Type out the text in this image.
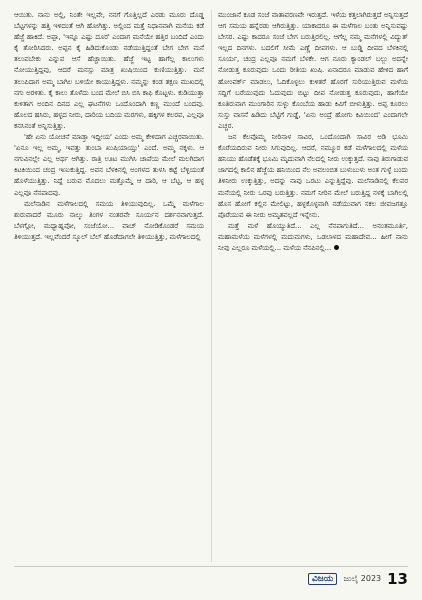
ಆಯಿತು. ನಾನು ಅಲ್ಲಿ, ನಿಂತೇ ಇಲ್ಲವೇ, ನನಗೆ ಗೊತ್ತಿಲ್ಲದೆ ಎರಡು ಮೂರು ದೊಡ್ಡ ಬೆಟ್ಟಗಳನ್ನು ಹತ್ತಿ ಇಳಿದಂತೆ ಆಗಿ ಹೋಗಿತ್ತು. ಅಲ್ಲಿಂದ ಮತ್ತೆ ನಿಧಾನವಾಗಿ ಮನೆಯ ಕಡೆ ಹೆಜ್ಜೆ ಹಾಕಿದೆ. ಅಪ್ಪಾ, 'ಇನ್ನೂ ಎಷ್ಟು ದೂರ' ಎಂದಾಗ ಮನೆಯೇ ಹತ್ತಿರ ಬಂದಿದೆ ಎಂದು ಕೈ ತೋರಿಸಿದರು. ಅಪ್ಪನ ಕೈ ಹಿಡಿದುಕೊಂಡು ನಡೆಯುತ್ತಿದ್ದಂತೆ ಬೇಗ ಬೇಗ ಮನೆ ತಲುಪಬೇಕು ಎನ್ನುವ ಆಸೆ ಹೆಚ್ಚಾಯಿತು. ಹೆಜ್ಜೆ ಇಟ್ಟ ಹಾಗೆಲ್ಲ ಕಾಲುಗಳು ನೋಯುತ್ತಿದ್ದವು, ಆದರೆ ಮನಸ್ಸು ಮಾತ್ರ ಖುಷಿಯಿಂದ ಕುಣಿಯುತ್ತಿತ್ತು. ಮನೆ ತಲುಪಿದಾಗ ಅಮ್ಮ ಬಾಗಿಲ ಬಳಿಯೇ ಕಾಯುತ್ತಿದ್ದಳು. ನಮ್ಮನ್ನು ಕಂಡ ತಕ್ಷಣ ಮುಖದಲ್ಲಿ ನಗು ಅರಳಿತು. ಕೈ ಕಾಲು ತೊಳೆದು ಬಂದ ಮೇಲೆ ಬಿಸಿ ಬಿಸಿ ಕಾಫಿ ಕೊಟ್ಟಳು. ಕುಡಿಯುತ್ತಾ ಕುಳಿತಾಗ ಅಂದಿನ ದಿನದ ಎಲ್ಲ ಘಟನೆಗಳು ಒಂದೊಂದಾಗಿ ಕಣ್ಣ ಮುಂದೆ ಬಂದವು. ಹೊಲದ ಹಸಿರು, ಹಳ್ಳದ ನೀರು, ದಾರಿಯ ಬದಿಯ ಮರಗಳು, ಹಕ್ಕಿಗಳ ಕಲರವ, ಎಲ್ಲವೂ ಕನಸಿನಂತೆ ಅನ್ನಿಸುತ್ತಿತ್ತು.

'ಹೇ ಏನು ಯೋಚನೆ ಮಾಡ್ತಾ ಇದ್ದೀಯ' ಎಂದು ಅಮ್ಮ ಕೇಳಿದಾಗ ಎಚ್ಚರವಾಯಿತು. 'ಏನೂ ಇಲ್ಲ ಅಮ್ಮ, ಇವತ್ತು ತುಂಬಾ ಖುಷಿಯಾಯ್ತು' ಎಂದೆ. ಅಮ್ಮ ನಕ್ಕಳು. ಆ ನಗುವಿನಲ್ಲೇ ಎಲ್ಲ ಅರ್ಥ ಆಗಿತ್ತು. ರಾತ್ರಿ ಊಟ ಮುಗಿಸಿ ಚಾಪೆಯ ಮೇಲೆ ಮಲಗಿದಾಗ ಕಿಟಕಿಯಿಂದ ಚಂದ್ರ ಇಣುಕುತ್ತಿದ್ದ. ಅವನ ಬೆಳಕಿನಲ್ಲಿ ಅಂಗಳದ ತುಳಸಿ ಕಟ್ಟೆ ಬೆಳ್ಳಿಯಂತೆ ಹೊಳೆಯುತ್ತಿತ್ತು. ನಿದ್ದೆ ಬರುವ ಮೊದಲು ಮತ್ತೊಮ್ಮೆ ಆ ದಾರಿ, ಆ ಬೆಟ್ಟ, ಆ ಹಳ್ಳ ಎಲ್ಲವೂ ನೆನಪಾದವು.

ಮಲೆನಾಡಿನ ಮಳೆಗಾಲದಲ್ಲಿ ಸಮಯ ತಿಳಿಯುವುದಿಲ್ಲ. ಒಮ್ಮೆ ಮಳೆಗಾಲ ಶುರುವಾದರೆ ಮೂರು ನಾಲ್ಕು ತಿಂಗಳ ನಂತರವೇ ಸೂರ್ಯನ ದರ್ಶನವಾಗುತ್ತದೆ. ಬೆಳಗ್ಗೋ, ಮಧ್ಯಾಹ್ನವೋ, ಸಂಜೆಯೋ... ವಾಚ್ ನೋಡಿಕೊಂಡರೆ ಸಮಯ ತಿಳಿಯುತ್ತದೆ. ಇಲ್ಲವೆಂದರೆ ಸ್ಕೂಲ್ ಬೆಲ್ ಹೊಡೆದಾಗಲೇ ತಿಳಿಯುತ್ತಿತ್ತು, ಮಳೆಗಾಲದಲ್ಲಿ

ಮುಂಜಾನೆ ಕೂಡ ಸಂಜೆ ವಾತಾವರಣವೇ ಇರುತ್ತದೆ. ಇಳೆಯ ಕತ್ತಲಾಗಿರುತ್ತದೆ ಅನ್ನಿಸುತ್ತದೆ ಆಗ ಸಮಯ ಹನ್ನೆರಡು ಆಗಿರುತ್ತಿತ್ತು. ಯಾಕಾದರೂ ಈ ಮಳೆಗಾಲ ಬಂತು ಅನ್ನಿಸುವಷ್ಟು ಬೇಸರ. ಎಷ್ಟು ಕಾದರೂ ಸಂಜೆ ಬೇಗ ಬರುತ್ತಿರಲಿಲ್ಲ. ಆಗೆಲ್ಲ ನಮ್ಮ ಮನೆಗಳಲ್ಲಿ ವಿದ್ಯುತ್ ಇಲ್ಲದ ದಿನಗಳು. ಬದಲಿಗೆ ಸೀಮೆ ಎಣ್ಣೆ ದೀಪಗಳು. ಆ ಬುಡ್ಡಿ ದೀಪದ ಬೆಳಕಿನಲ್ಲಿ ಸೂರ್ಯ, ಚಂದ್ರ ಎಲ್ಲವೂ ನಮಗೆ ಬೆಳಕೇ. ಆಗ ನೂರು ಕ್ಯಾಂಡಲ್ ಬಲ್ಬು ಅದನ್ನೇ ನೋಡುತ್ತ ಕೂರುವುದು ಒಂದು ರೀತಿಯ ಖುಷಿ. ಏನಾದರೂ ಮಾಡುವ ಹೇಳಿದ ಹಾಗೆ ಹೋಂವರ್ಕ್ ಮಾಡಲು, ಓದಿಕೊಳ್ಳಲು ಕುಳಿತರೆ ಹೊರಗೆ ಸುರಿಯುತ್ತಿರುವ ಮಳೆಯ ಸದ್ದಿಗೆ ಬರೆಯುವುದು ಓದುವುದು ಬಿಟ್ಟು ದೀಪ ನೋಡುತ್ತ ಕೂರುವುದು, ಹಾಗೆಯೇ ಕೂತಿರುವಾಗ ಮುಂಗಾರಿನ ಸುಳ್ಳು ಕೊಂಬೆಯ ಹಾಡು ಕಿವಿಗೆ ಬೀಳುತ್ತಿತ್ತು. ಅಪ್ಪ ಕೂರಲು ಸುಸ್ತು ವಾಸನೆ ಹಿಡಿದು ಬೆಟ್ಟಿಗೆ ಗುಡ್ಡೆ, 'ಏನು ಅಂದ್ರೆ ಹೋಗು ಕಿವಿಯಿಂದ' ಎಂದಾಗಲೇ ಎಚ್ಚರ.

ಜನ ಕೆಲವೊಮ್ಮ ನೀರಿನಾಳ ಸಾವಿರ, ಒಂದೊಂದಾಗಿ ಸಾವಿರ ಅಡಿ ಭೂಮಿ ಕೊರೆಯದಿರುವ ನೀರು ಸಿಗುವುದಿಲ್ಲ. ಆದರೆ, ನಮ್ಮೂರ ಕಡೆ ಮಳೆಗಾಲದಲ್ಲಿ ಮಳೆಯ ಹನಿಯು ಹೊಡೆತಕ್ಕೆ ಭೂಮಿ ಮೃದುವಾಗಿ ನೆಲದಲ್ಲಿ ನೀರು ಉಕ್ಕುತ್ತದೆ. ನಾವು ತಿರುಗಾಡುವ ಜಾಗದಲ್ಲಿ ಕಾಲಿನ ಹೆಜ್ಜೆಯ ಹನಿಯಿಂದ ನೆಲ ಅವಲಂಬಿತ ಬುಳುಬುಳು ಅಂತ ಗುಳ್ಳೆ ಬಂದು ತಿಳಿನೀರು ಉಕ್ಕುತ್ತಿತ್ತು, ಅದನ್ನು ನಾವು ಒರಟು ಎನ್ನುತ್ತಿದ್ದೆವು. ಮಲೆನಾಡಿನಲ್ಲಿ ಕೆಲವರ ಮನೆಯಲ್ಲಿ ನೀರು ಒರವು ಬರುತ್ತಿತ್ತು. ನಮಗೆ ನೀರಿನ ಮೇಲೆ ಬರುತ್ತಿದ್ದ ನಳಕ್ಕೆ ಬಾಗಿಲಲ್ಲಿ ಹೊಸ ಹೋಗೆ ಕಲ್ಲಿನ ಮೇಲಿಟ್ಟು, ಹಳ್ಳಕೊಳ್ಳವಾಗಿ ನಡೆಯುವಾಗ ಸಕಲ ಜೀವಜಗತ್ತೂ ಪೊರೆಯುವ ಈ ನೀರು ಅಮೃತವಲ್ಲದೆ ಇನ್ನೇನು.

ಮತ್ತೆ ಮಳೆ ಹೊಯ್ಯುತಿದೆ... ಎಲ್ಲ ನೆನಪಾಗುತಿದೆ... ಅನಂತಮೂರ್ತಿ, ಮಹಾಮಳೆಯ ಮಳೆಗಳಲ್ಲಿ ಮದುಮಗಳು, ಒಡಲಾಳದ ಮಹಾದೇವ... ಹೀಗೆ ನಾನು ನೀವು ಎಲ್ಲರೂ ಮಳೆಯಲ್ಲಿ... ಮಳೆಯ ನೆನಪಿನಲ್ಲಿ...

ವಿಜಯ	ಜುಲೈ 2023 13
